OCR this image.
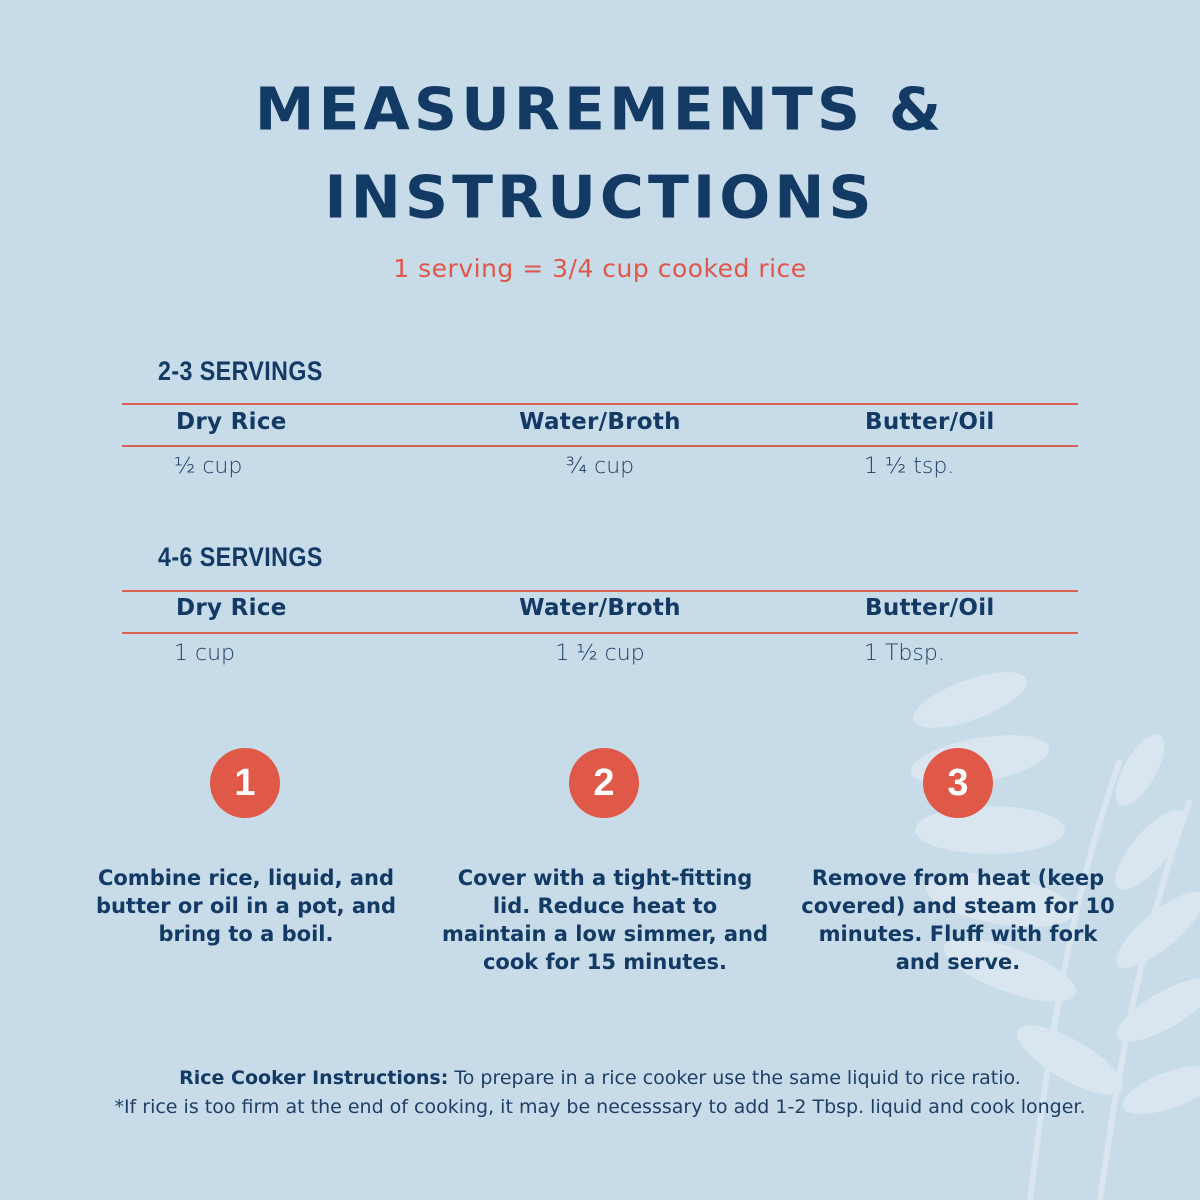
MEASUREMENTS &
INSTRUCTIONS
1 serving = 3/4 cup cooked rice
2-3 SERVINGS
Dry Rice	Water/Broth	Butter/Oil
½ cup	¾ cup	1 ½ tsp.
4-6 SERVINGS
Dry Rice	Water/Broth	Butter/Oil
1 cup	1 ½ cup	1 Tbsp.
1	2	3
Combine rice, liquid, and butter or oil in a pot, and bring to a boil.
Cover with a tight-fitting lid. Reduce heat to maintain a low simmer, and cook for 15 minutes.
Remove from heat (keep covered) and steam for 10 minutes. Fluff with fork and serve.
Rice Cooker Instructions: To prepare in a rice cooker use the same liquid to rice ratio.
*If rice is too firm at the end of cooking, it may be necesssary to add 1-2 Tbsp. liquid and cook longer.
